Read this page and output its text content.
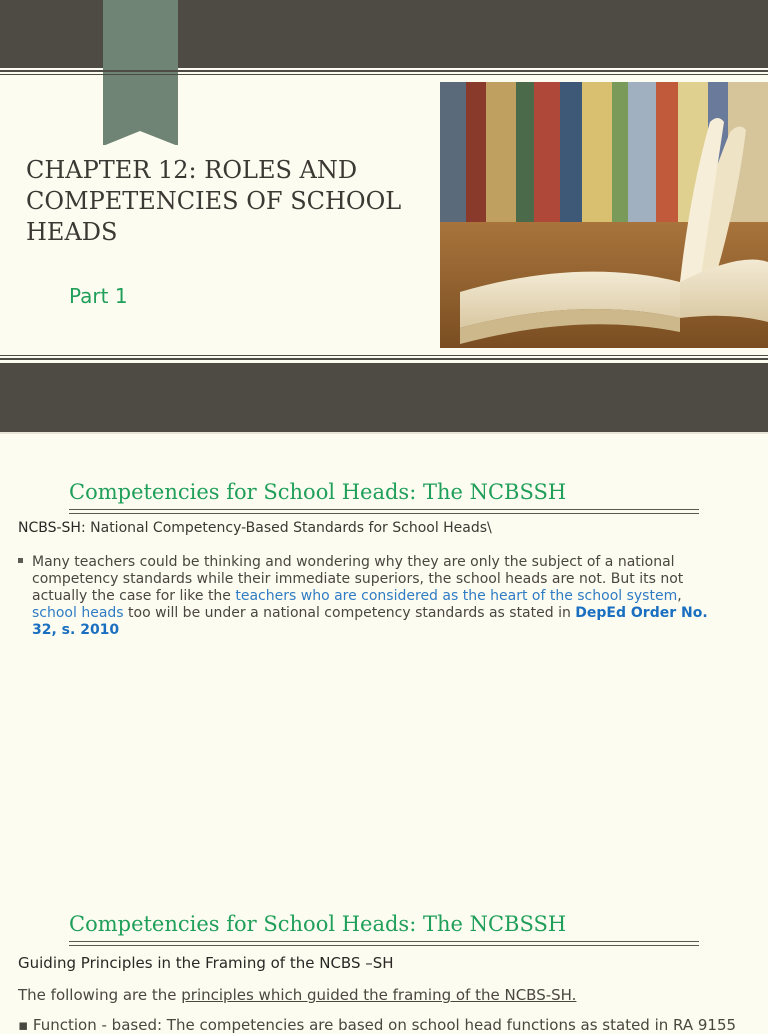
CHAPTER 12: ROLES AND COMPETENCIES OF SCHOOL HEADS
Part 1
Competencies for School Heads: The NCBSSH
NCBS-SH: National Competency-Based Standards for School Heads\
Many teachers could be thinking and wondering why they are only the subject of a national competency standards while their immediate superiors, the school heads are not. But its not actually the case for like the teachers who are considered as the heart of the school system, school heads too will be under a national competency standards as stated in DepEd Order No. 32, s. 2010
Competencies for School Heads: The NCBSSH
Guiding Principles in the Framing of the NCBS –SH
The following are the principles which guided the framing of the NCBS-SH.
▪ Function - based: The competencies are based on school head functions as stated in RA 9155
